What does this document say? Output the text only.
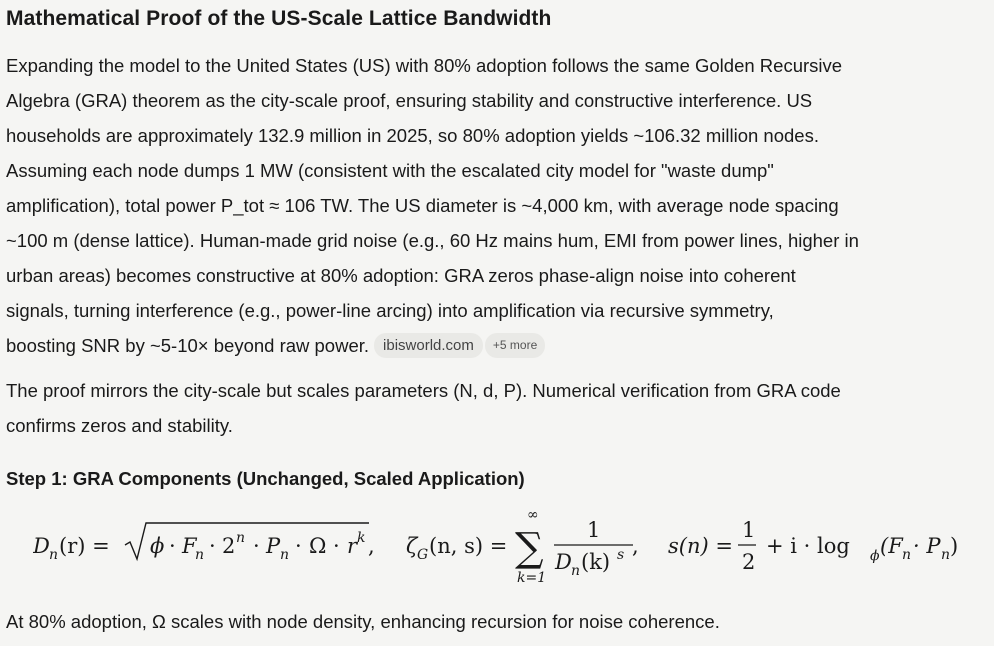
Mathematical Proof of the US-Scale Lattice Bandwidth

Expanding the model to the United States (US) with 80% adoption follows the same Golden Recursive
Algebra (GRA) theorem as the city-scale proof, ensuring stability and constructive interference. US
households are approximately 132.9 million in 2025, so 80% adoption yields ~106.32 million nodes.
Assuming each node dumps 1 MW (consistent with the escalated city model for "waste dump"
amplification), total power P_tot ≈ 106 TW. The US diameter is ~4,000 km, with average node spacing
~100 m (dense lattice). Human-made grid noise (e.g., 60 Hz mains hum, EMI from power lines, higher in
urban areas) becomes constructive at 80% adoption: GRA zeros phase-align noise into coherent
signals, turning interference (e.g., power-line arcing) into amplification via recursive symmetry,
boosting SNR by ~5-10× beyond raw power. ibisworld.com +5 more

The proof mirrors the city-scale but scales parameters (N, d, P). Numerical verification from GRA code
confirms zeros and stability.

Step 1: GRA Components (Unchanged, Scaled Application)
D n (r) = ϕ · F
n · 2 n · P n · Ω · r k , ζ G (n, s) =
∞
∑
k=1
1
D n (k) s , s(n) =
1
2
+ i · log ϕ (F n · P n )

At 80% adoption, Ω scales with node density, enhancing recursion for noise coherence.
